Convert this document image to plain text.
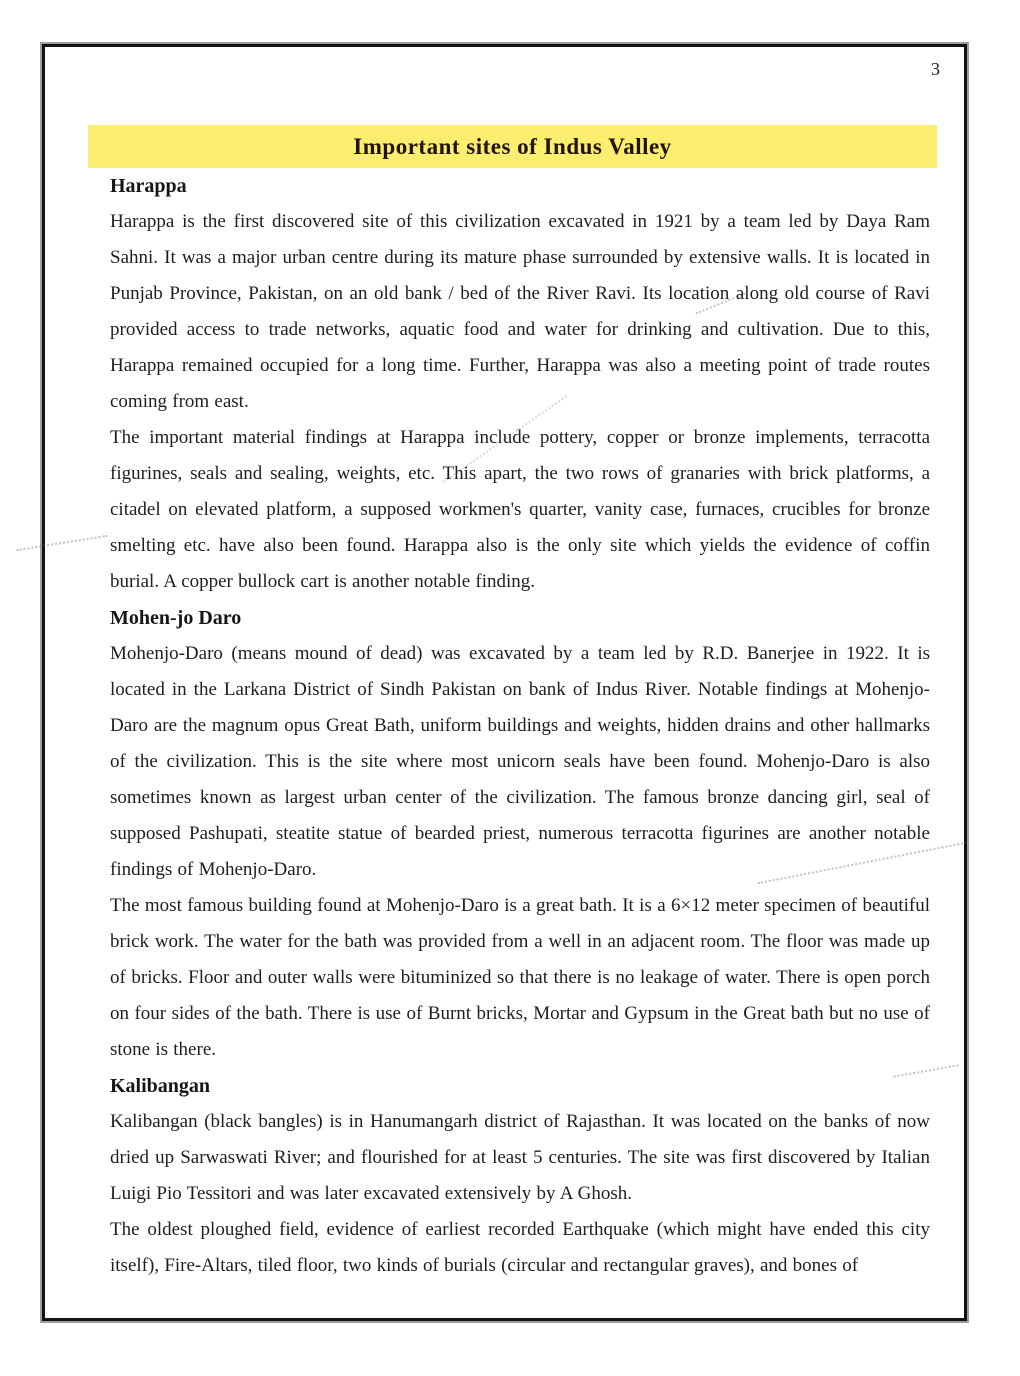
3
Important sites of Indus Valley
Harappa

Harappa is the first discovered site of this civilization excavated in 1921 by a team led by Daya Ram Sahni. It was a major urban centre during its mature phase surrounded by extensive walls. It is located in Punjab Province, Pakistan, on an old bank / bed of the River Ravi. Its location along old course of Ravi provided access to trade networks, aquatic food and water for drinking and cultivation. Due to this, Harappa remained occupied for a long time. Further, Harappa was also a meeting point of trade routes coming from east.

The important material findings at Harappa include pottery, copper or bronze implements, terracotta figurines, seals and sealing, weights, etc. This apart, the two rows of granaries with brick platforms, a citadel on elevated platform, a supposed workmen's quarter, vanity case, furnaces, crucibles for bronze smelting etc. have also been found. Harappa also is the only site which yields the evidence of coffin burial. A copper bullock cart is another notable finding.

Mohen-jo Daro

Mohenjo-Daro (means mound of dead) was excavated by a team led by R.D. Banerjee in 1922. It is located in the Larkana District of Sindh Pakistan on bank of Indus River. Notable findings at Mohenjo-Daro are the magnum opus Great Bath, uniform buildings and weights, hidden drains and other hallmarks of the civilization. This is the site where most unicorn seals have been found. Mohenjo-Daro is also sometimes known as largest urban center of the civilization. The famous bronze dancing girl, seal of supposed Pashupati, steatite statue of bearded priest, numerous terracotta figurines are another notable findings of Mohenjo-Daro.

The most famous building found at Mohenjo-Daro is a great bath. It is a 6×12 meter specimen of beautiful brick work. The water for the bath was provided from a well in an adjacent room. The floor was made up of bricks. Floor and outer walls were bituminized so that there is no leakage of water. There is open porch on four sides of the bath. There is use of Burnt bricks, Mortar and Gypsum in the Great bath but no use of stone is there.

Kalibangan

Kalibangan (black bangles) is in Hanumangarh district of Rajasthan. It was located on the banks of now dried up Sarwaswati River; and flourished for at least 5 centuries. The site was first discovered by Italian Luigi Pio Tessitori and was later excavated extensively by A Ghosh.

The oldest ploughed field, evidence of earliest recorded Earthquake (which might have ended this city itself), Fire-Altars, tiled floor, two kinds of burials (circular and rectangular graves), and bones of
